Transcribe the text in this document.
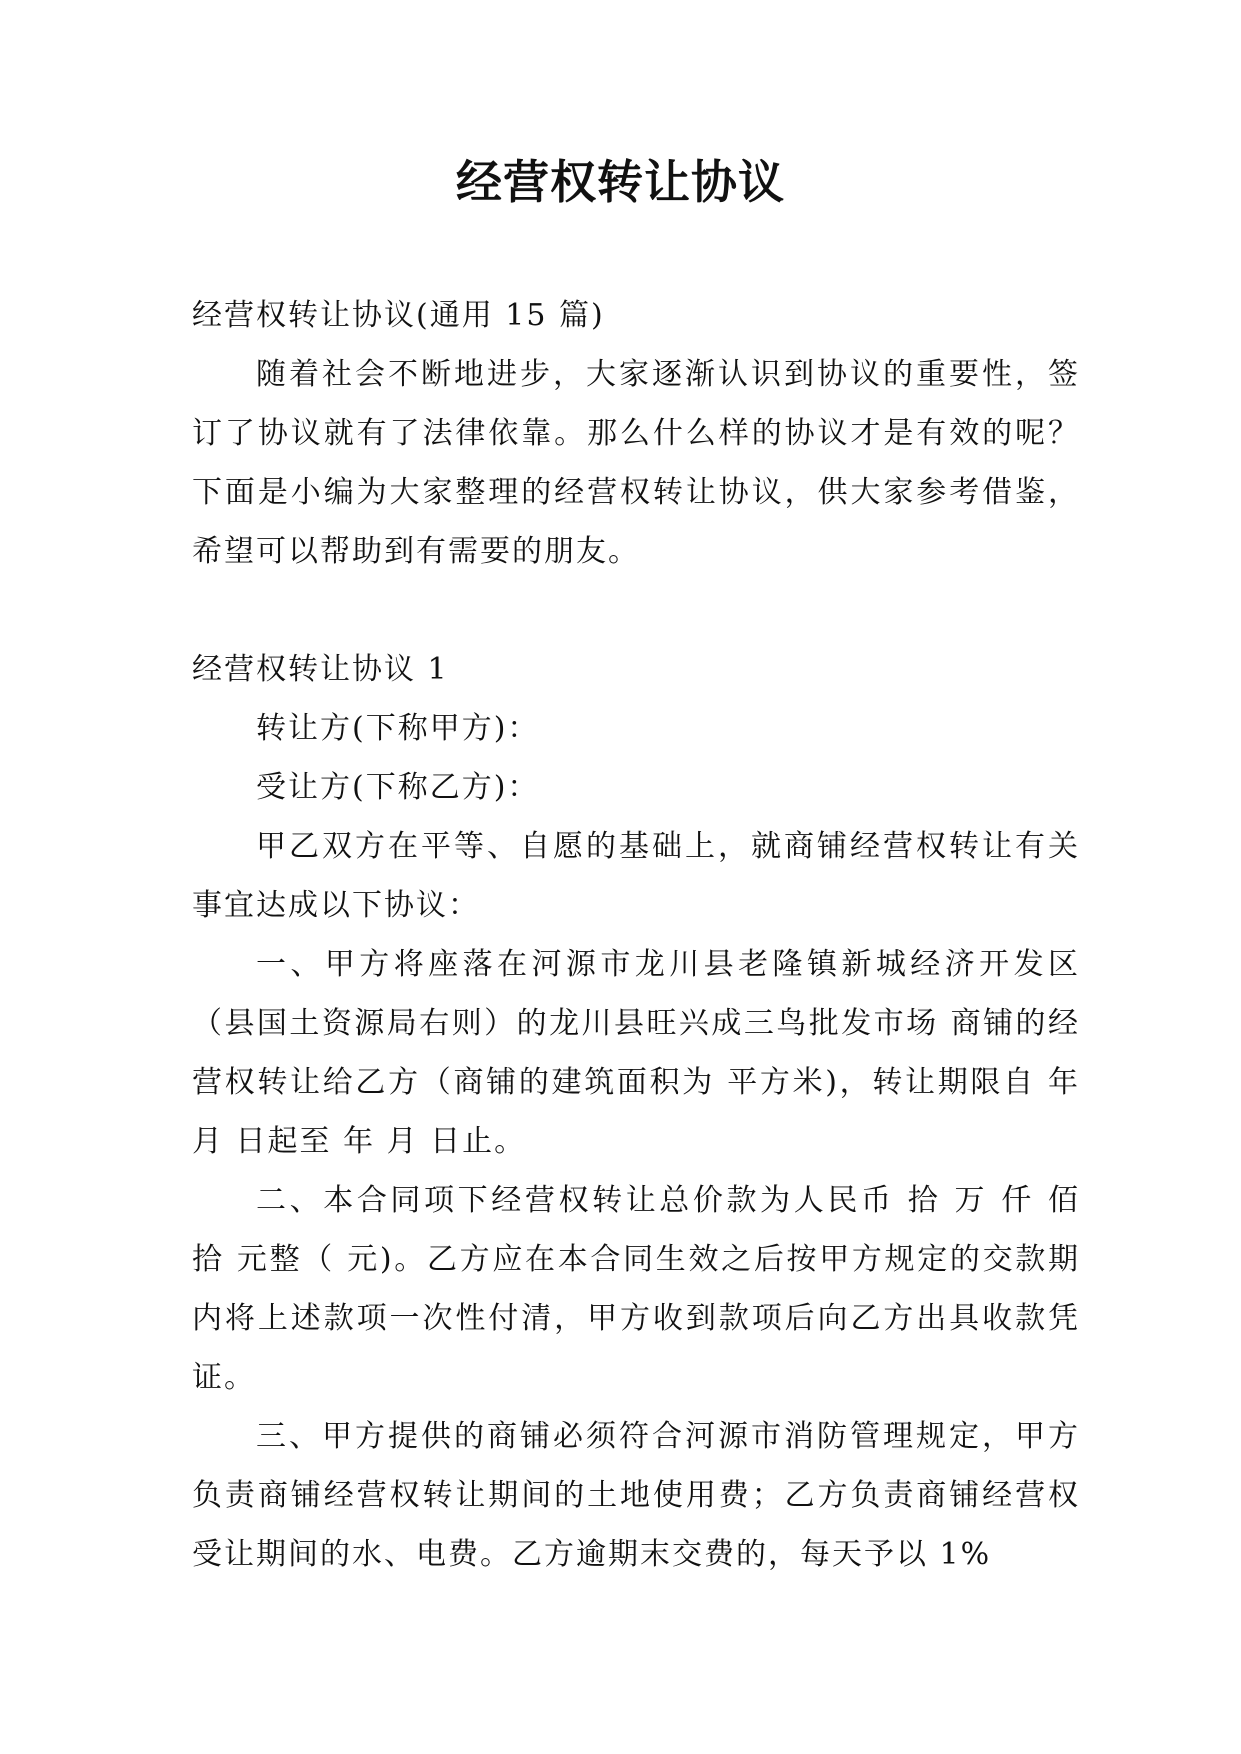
经营权转让协议

经营权转让协议(通用 15 篇)

随着社会不断地进步，大家逐渐认识到协议的重要性，签订了协议就有了法律依靠。那么什么样的协议才是有效的呢？下面是小编为大家整理的经营权转让协议，供大家参考借鉴，希望可以帮助到有需要的朋友。

经营权转让协议 1

转让方(下称甲方)：

受让方(下称乙方)：

甲乙双方在平等、自愿的基础上，就商铺经营权转让有关事宜达成以下协议：

一、甲方将座落在河源市龙川县老隆镇新城经济开发区（县国土资源局右则）的龙川县旺兴成三鸟批发市场 商铺的经营权转让给乙方（商铺的建筑面积为 平方米)，转让期限自 年 月 日起至 年 月 日止。

二、本合同项下经营权转让总价款为人民币 拾 万 仟 佰 拾 元整（ 元)。乙方应在本合同生效之后按甲方规定的交款期内将上述款项一次性付清，甲方收到款项后向乙方出具收款凭证。

三、甲方提供的商铺必须符合河源市消防管理规定，甲方负责商铺经营权转让期间的土地使用费；乙方负责商铺经营权受让期间的水、电费。乙方逾期末交费的，每天予以 1%
